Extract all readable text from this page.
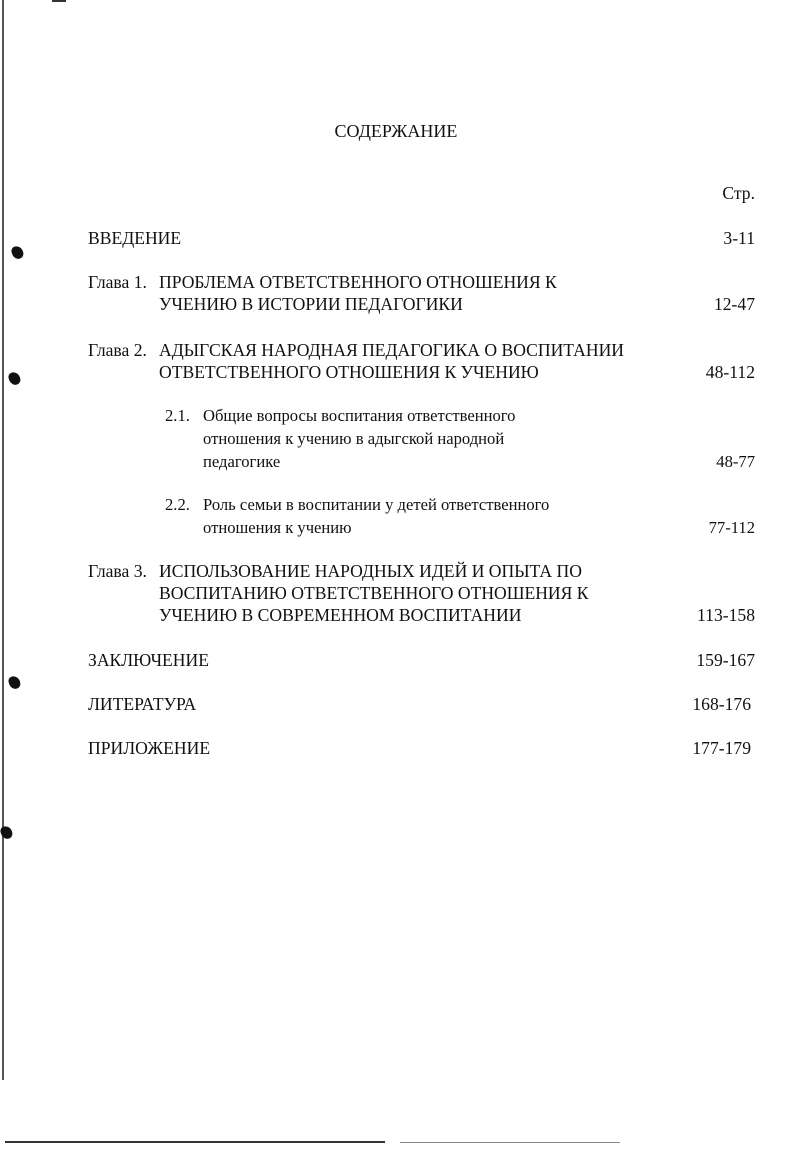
СОДЕРЖАНИЕ
Стр.
ВВЕДЕНИЕ	3-11
Глава 1. ПРОБЛЕМА ОТВЕТСТВЕННОГО ОТНОШЕНИЯ К
УЧЕНИЮ В ИСТОРИИ ПЕДАГОГИКИ	12-47
Глава 2. АДЫГСКАЯ НАРОДНАЯ ПЕДАГОГИКА О ВОСПИТАНИИ
ОТВЕТСТВЕННОГО ОТНОШЕНИЯ К УЧЕНИЮ	48-112
2.1. Общие вопросы воспитания ответственного
отношения к учению в адыгской народной
педагогике	48-77
2.2. Роль семьи в воспитании у детей ответственного
отношения к учению	77-112
Глава 3. ИСПОЛЬЗОВАНИЕ НАРОДНЫХ ИДЕЙ И ОПЫТА ПО
ВОСПИТАНИЮ ОТВЕТСТВЕННОГО ОТНОШЕНИЯ К
УЧЕНИЮ В СОВРЕМЕННОМ ВОСПИТАНИИ	113-158
ЗАКЛЮЧЕНИЕ	159-167
ЛИТЕРАТУРА	168-176
ПРИЛОЖЕНИЕ	177-179
